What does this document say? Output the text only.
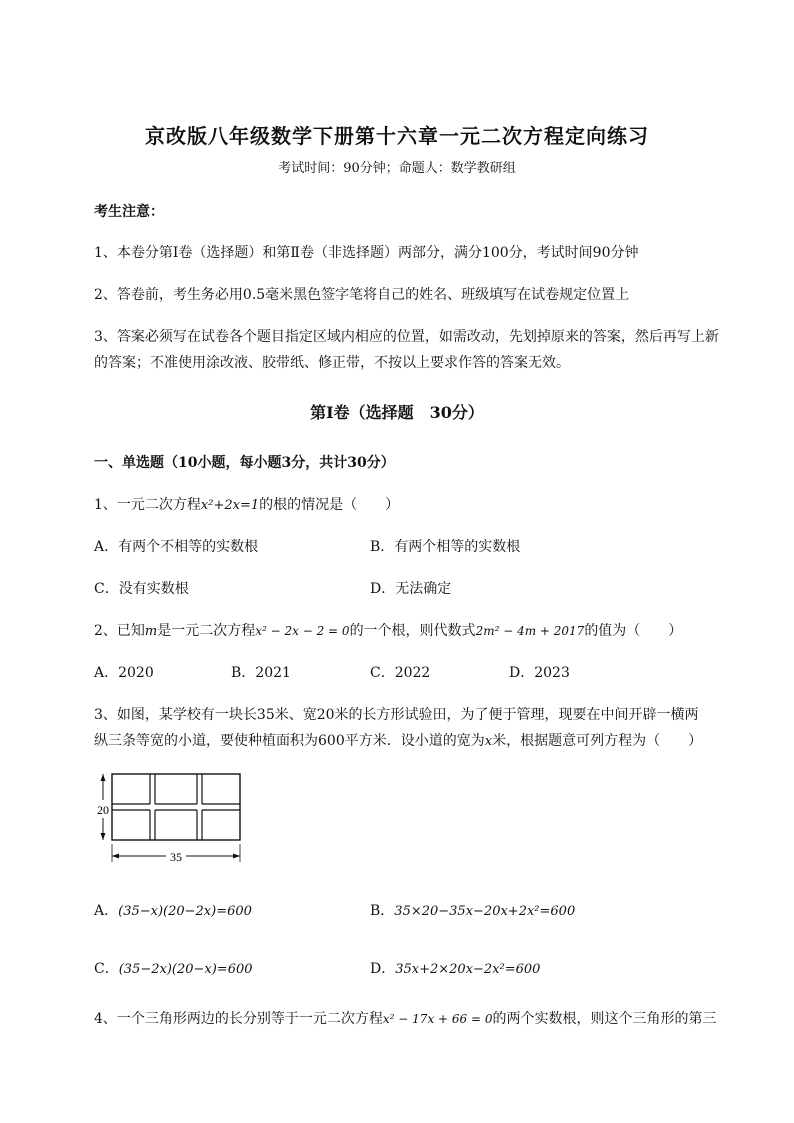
京改版八年级数学下册第十六章一元二次方程定向练习
考试时间：90分钟；命题人：数学教研组
考生注意：
1、本卷分第Ⅰ卷（选择题）和第Ⅱ卷（非选择题）两部分，满分100分，考试时间90分钟
2、答卷前，考生务必用0.5毫米黑色签字笔将自己的姓名、班级填写在试卷规定位置上
3、答案必须写在试卷各个题目指定区域内相应的位置，如需改动，先划掉原来的答案，然后再写上新
的答案；不准使用涂改液、胶带纸、修正带，不按以上要求作答的答案无效。
第Ⅰ卷（选择题　30分）
一、单选题（10小题，每小题3分，共计30分）
1、一元二次方程x²+2x=1的根的情况是（　　）
A．有两个不相等的实数根	B．有两个相等的实数根
C．没有实数根	D．无法确定
2、已知m是一元二次方程x² − 2x − 2 = 0的一个根，则代数式2m² − 4m + 2017的值为（　　）
A．2020	B．2021	C．2022	D．2023
3、如图，某学校有一块长35米、宽20米的长方形试验田，为了便于管理，现要在中间开辟一横两
纵三条等宽的小道，要使种植面积为600平方米．设小道的宽为x米，根据题意可列方程为（　　）
20
35
A．(35−x)(20−2x)=600	B．35×20−35x−20x+2x²=600
C．(35−2x)(20−x)=600	D．35x+2×20x−2x²=600
4、一个三角形两边的长分别等于一元二次方程x² − 17x + 66 = 0的两个实数根，则这个三角形的第三
